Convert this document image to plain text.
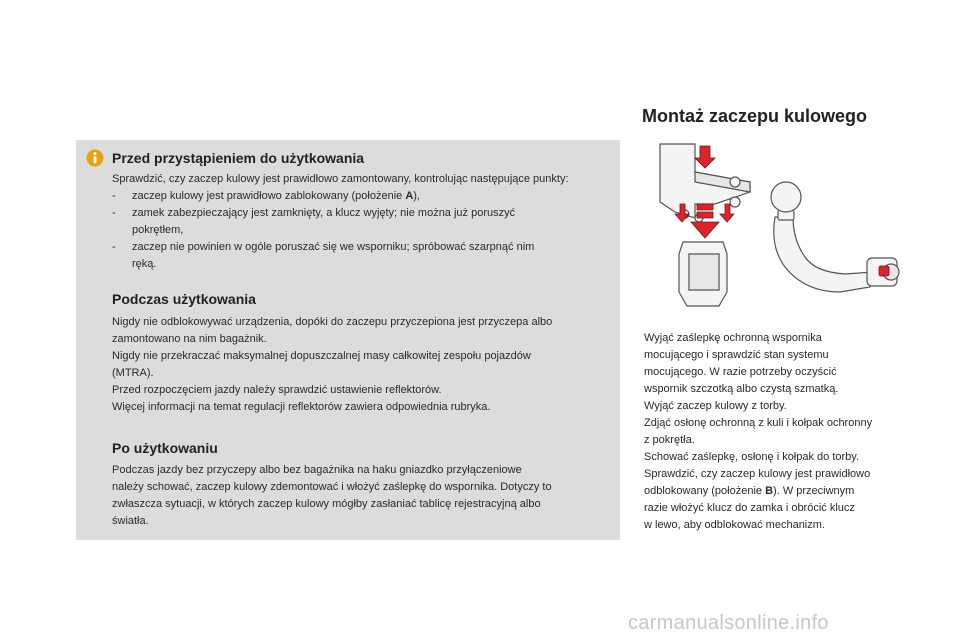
Przed przystąpieniem do użytkowania
Sprawdzić, czy zaczep kulowy jest prawidłowo zamontowany, kontrolując następujące punkty:
- zaczep kulowy jest prawidłowo zablokowany (położenie A),
- zamek zabezpieczający jest zamknięty, a klucz wyjęty; nie można już poruszyć
pokrętłem,
- zaczep nie powinien w ogóle poruszać się we wsporniku; spróbować szarpnąć nim
ręką.
Podczas użytkowania
Nigdy nie odblokowywać urządzenia, dopóki do zaczepu przyczepiona jest przyczepa albo
zamontowano na nim bagażnik.
Nigdy nie przekraczać maksymalnej dopuszczalnej masy całkowitej zespołu pojazdów
(MTRA).
Przed rozpoczęciem jazdy należy sprawdzić ustawienie reflektorów.
Więcej informacji na temat regulacji reflektorów zawiera odpowiednia rubryka.
Po użytkowaniu
Podczas jazdy bez przyczepy albo bez bagażnika na haku gniazdko przyłączeniowe
należy schować, zaczep kulowy zdemontować i włożyć zaślepkę do wspornika. Dotyczy to
zwłaszcza sytuacji, w których zaczep kulowy mógłby zasłaniać tablicę rejestracyjną albo
światła.
Montaż zaczepu kulowego
Wyjąć zaślepkę ochronną wspornika
mocującego i sprawdzić stan systemu
mocującego. W razie potrzeby oczyścić
wspornik szczotką albo czystą szmatką.
Wyjąć zaczep kulowy z torby.
Zdjąć osłonę ochronną z kuli i kołpak ochronny
z pokrętła.
Schować zaślepkę, osłonę i kołpak do torby.
Sprawdzić, czy zaczep kulowy jest prawidłowo
odblokowany (położenie B). W przeciwnym
razie włożyć klucz do zamka i obrócić klucz
w lewo, aby odblokować mechanizm.
carmanualsonline.info
